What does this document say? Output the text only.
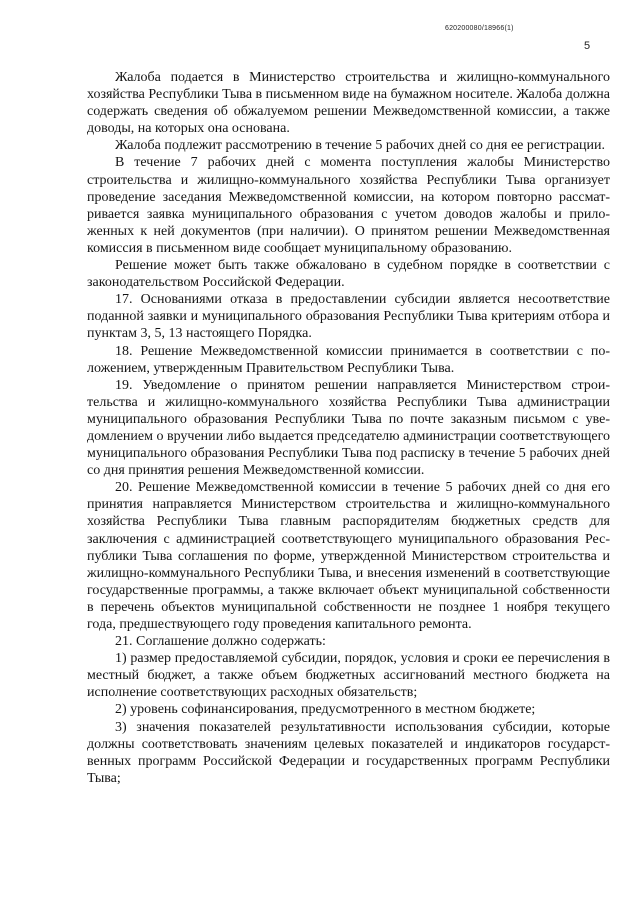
620200080/18966(1)
5

Жалоба подается в Министерство строительства и жилищно-коммунального хозяйства Республики Тыва в письменном виде на бумажном носителе. Жалоба должна содержать сведения об обжалуемом решении Межведомственной комиссии, а также доводы, на которых она основана.

Жалоба подлежит рассмотрению в течение 5 рабочих дней со дня ее регистрации.

В течение 7 рабочих дней с момента поступления жалобы Министерство строительства и жилищно-коммунального хозяйства Республики Тыва организует проведение заседания Межведомственной комиссии, на котором повторно рассматривается заявка муниципального образования с учетом доводов жалобы и приложенных к ней документов (при наличии). О принятом решении Межведомственная комиссия в письменном виде сообщает муниципальному образованию.

Решение может быть также обжаловано в судебном порядке в соответствии с законодательством Российской Федерации.

17. Основаниями отказа в предоставлении субсидии является несоответствие поданной заявки и муниципального образования Республики Тыва критериям отбора и пунктам 3, 5, 13 настоящего Порядка.

18. Решение Межведомственной комиссии принимается в соответствии с положением, утвержденным Правительством Республики Тыва.

19. Уведомление о принятом решении направляется Министерством строительства и жилищно-коммунального хозяйства Республики Тыва администрации муниципального образования Республики Тыва по почте заказным письмом с уведомлением о вручении либо выдается председателю администрации соответствующего муниципального образования Республики Тыва под расписку в течение 5 рабочих дней со дня принятия решения Межведомственной комиссии.

20. Решение Межведомственной комиссии в течение 5 рабочих дней со дня его принятия направляется Министерством строительства и жилищно-коммунального хозяйства Республики Тыва главным распорядителям бюджетных средств для заключения с администрацией соответствующего муниципального образования Республики Тыва соглашения по форме, утвержденной Министерством строительства и жилищно-коммунального Республики Тыва, и внесения изменений в соответствующие государственные программы, а также включает объект муниципальной собственности в перечень объектов муниципальной собственности не позднее 1 ноября текущего года, предшествующего году проведения капитального ремонта.

21. Соглашение должно содержать:

1) размер предоставляемой субсидии, порядок, условия и сроки ее перечисления в местный бюджет, а также объем бюджетных ассигнований местного бюджета на исполнение соответствующих расходных обязательств;

2) уровень софинансирования, предусмотренного в местном бюджете;

3) значения показателей результативности использования субсидии, которые должны соответствовать значениям целевых показателей и индикаторов государственных программ Российской Федерации и государственных программ Республики Тыва;
